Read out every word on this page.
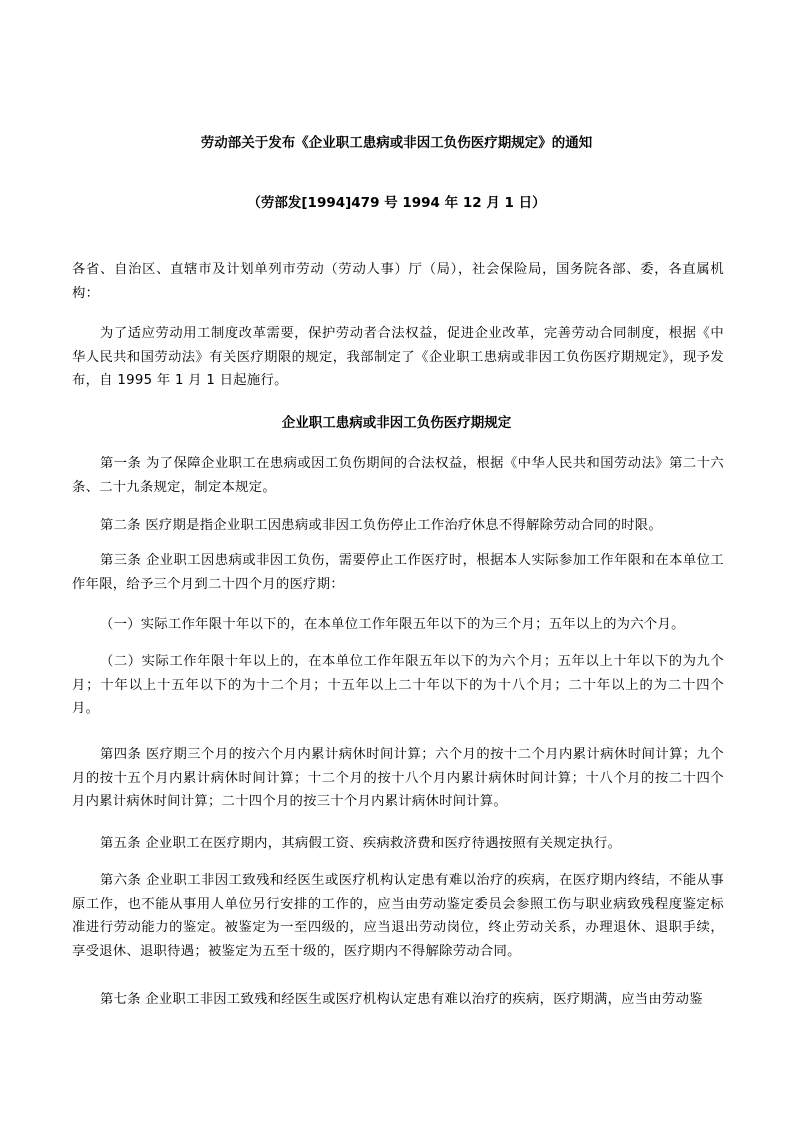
劳动部关于发布《企业职工患病或非因工负伤医疗期规定》的通知
（劳部发[1994]479 号 1994 年 12 月 1 日）

各省、自治区、直辖市及计划单列市劳动（劳动人事）厅（局），社会保险局，国务院各部、委，各直属机构：

为了适应劳动用工制度改革需要，保护劳动者合法权益，促进企业改革，完善劳动合同制度，根据《中华人民共和国劳动法》有关医疗期限的规定，我部制定了《企业职工患病或非因工负伤医疗期规定》，现予发布，自 1995 年 1 月 1 日起施行。

企业职工患病或非因工负伤医疗期规定

第一条 为了保障企业职工在患病或因工负伤期间的合法权益，根据《中华人民共和国劳动法》第二十六条、二十九条规定，制定本规定。

第二条 医疗期是指企业职工因患病或非因工负伤停止工作治疗休息不得解除劳动合同的时限。

第三条 企业职工因患病或非因工负伤，需要停止工作医疗时，根据本人实际参加工作年限和在本单位工作年限，给予三个月到二十四个月的医疗期：

（一）实际工作年限十年以下的，在本单位工作年限五年以下的为三个月；五年以上的为六个月。

（二）实际工作年限十年以上的，在本单位工作年限五年以下的为六个月；五年以上十年以下的为九个月；十年以上十五年以下的为十二个月；十五年以上二十年以下的为十八个月；二十年以上的为二十四个月。

第四条 医疗期三个月的按六个月内累计病休时间计算；六个月的按十二个月内累计病休时间计算；九个月的按十五个月内累计病休时间计算；十二个月的按十八个月内累计病休时间计算；十八个月的按二十四个月内累计病休时间计算；二十四个月的按三十个月内累计病休时间计算。

第五条 企业职工在医疗期内，其病假工资、疾病救济费和医疗待遇按照有关规定执行。

第六条 企业职工非因工致残和经医生或医疗机构认定患有难以治疗的疾病，在医疗期内终结，不能从事原工作，也不能从事用人单位另行安排的工作的，应当由劳动鉴定委员会参照工伤与职业病致残程度鉴定标准进行劳动能力的鉴定。被鉴定为一至四级的，应当退出劳动岗位，终止劳动关系，办理退休、退职手续，享受退休、退职待遇；被鉴定为五至十级的，医疗期内不得解除劳动合同。

第七条 企业职工非因工致残和经医生或医疗机构认定患有难以治疗的疾病，医疗期满，应当由劳动鉴
